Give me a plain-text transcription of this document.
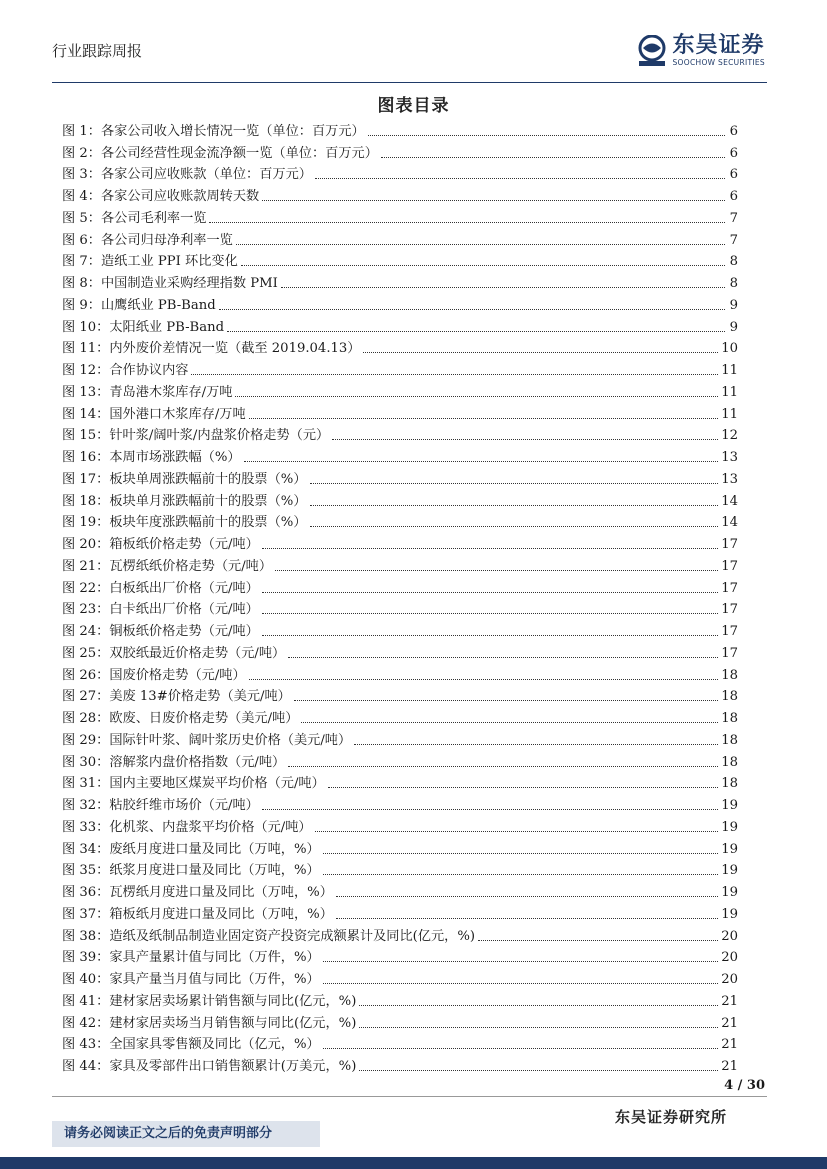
行业跟踪周报	东吴证券
SOOCHOW SECURITIES
图表目录
图 1：各家公司收入增长情况一览（单位：百万元）	6
图 2：各公司经营性现金流净额一览（单位：百万元）	6
图 3：各家公司应收账款（单位：百万元）	6
图 4：各家公司应收账款周转天数	6
图 5：各公司毛利率一览	7
图 6：各公司归母净利率一览	7
图 7：造纸工业 PPI 环比变化	8
图 8：中国制造业采购经理指数 PMI	8
图 9：山鹰纸业 PB-Band	9
图 10：太阳纸业 PB-Band	9
图 11：内外废价差情况一览（截至 2019.04.13）	10
图 12：合作协议内容	11
图 13：青岛港木浆库存/万吨	11
图 14：国外港口木浆库存/万吨	11
图 15：针叶浆/阔叶浆/内盘浆价格走势（元）	12
图 16：本周市场涨跌幅（%）	13
图 17：板块单周涨跌幅前十的股票（%）	13
图 18：板块单月涨跌幅前十的股票（%）	14
图 19：板块年度涨跌幅前十的股票（%）	14
图 20：箱板纸价格走势（元/吨）	17
图 21：瓦楞纸纸价格走势（元/吨）	17
图 22：白板纸出厂价格（元/吨）	17
图 23：白卡纸出厂价格（元/吨）	17
图 24：铜板纸价格走势（元/吨）	17
图 25：双胶纸最近价格走势（元/吨）	17
图 26：国废价格走势（元/吨）	18
图 27：美废 13#价格走势（美元/吨）	18
图 28：欧废、日废价格走势（美元/吨）	18
图 29：国际针叶浆、阔叶浆历史价格（美元/吨）	18
图 30：溶解浆内盘价格指数（元/吨）	18
图 31：国内主要地区煤炭平均价格（元/吨）	18
图 32：粘胶纤维市场价（元/吨）	19
图 33：化机浆、内盘浆平均价格（元/吨）	19
图 34：废纸月度进口量及同比（万吨，%）	19
图 35：纸浆月度进口量及同比（万吨，%）	19
图 36：瓦楞纸月度进口量及同比（万吨，%）	19
图 37：箱板纸月度进口量及同比（万吨，%）	19
图 38：造纸及纸制品制造业固定资产投资完成额累计及同比(亿元，%)	20
图 39：家具产量累计值与同比（万件，%）	20
图 40：家具产量当月值与同比（万件，%）	20
图 41：建材家居卖场累计销售额与同比(亿元，%)	21
图 42：建材家居卖场当月销售额与同比(亿元，%)	21
图 43：全国家具零售额及同比（亿元，%）	21
图 44：家具及零部件出口销售额累计(万美元，%)	21
4 / 30
东吴证券研究所
请务必阅读正文之后的免责声明部分
